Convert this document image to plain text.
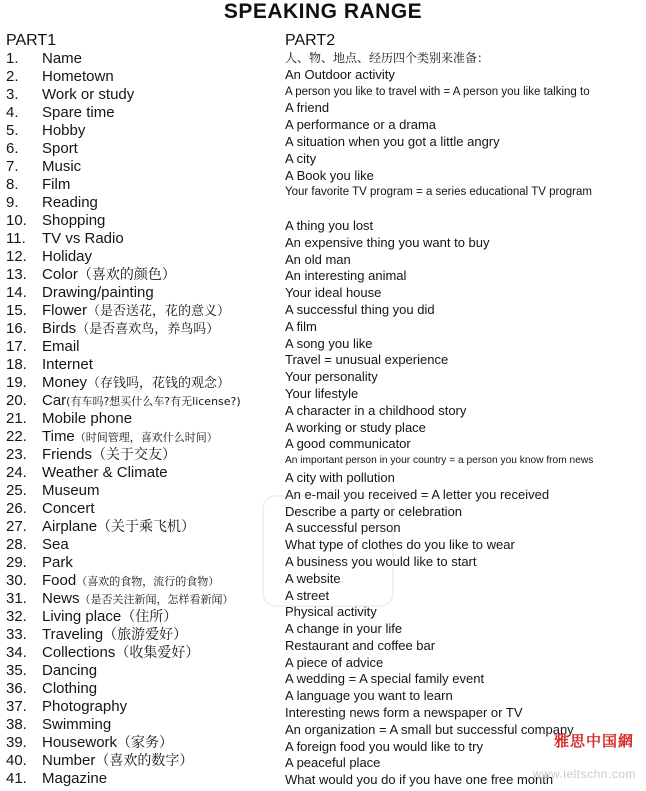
SPEAKING RANGE
PART1
1.	Name
2.	Hometown
3.	Work or study
4.	Spare time
5.	Hobby
6.	Sport
7.	Music
8.	Film
9.	Reading
10.	Shopping
11.	TV vs Radio
12.	Holiday
13.	Color（喜欢的颜色）
14.	Drawing/painting
15.	Flower（是否送花，花的意义）
16.	Birds（是否喜欢鸟，养鸟吗）
17.	Email
18.	Internet
19.	Money（存钱吗，花钱的观念）
20.	Car(有车吗?想买什么车?有无license?)
21.	Mobile phone
22.	Time（时间管理，喜欢什么时间）
23.	Friends（关于交友）
24.	Weather & Climate
25.	Museum
26.	Concert
27.	Airplane（关于乘飞机）
28.	Sea
29.	Park
30.	Food（喜欢的食物，流行的食物）
31.	News（是否关注新闻，怎样看新闻）
32.	Living place（住所）
33.	Traveling（旅游爱好）
34.	Collections（收集爱好）
35.	Dancing
36.	Clothing
37.	Photography
38.	Swimming
39.	Housework（家务）
40.	Number（喜欢的数字）
41.	Magazine
PART2
人、物、地点、经历四个类别来准备：
An Outdoor activity
A person you like to travel with = A person you like talking to
A friend
A performance or a drama
A situation when you got a little angry
A city
A Book you like
Your favorite TV program = a series educational TV program
A thing you lost
An expensive thing you want to buy
An old man
An interesting animal
Your ideal house
A successful thing you did
A film
A song you like
Travel = unusual experience
Your personality
Your lifestyle
A character in a childhood story
A working or study place
A good communicator
An important person in your country = a person you know from news
A city with pollution
An e-mail you received = A letter you received
Describe a party or celebration
A successful person
What type of clothes do you like to wear
A business you would like to start
A website
A street
Physical activity
A change in your life
Restaurant and coffee bar
A piece of advice
A wedding = A special family event
A language you want to learn
Interesting news form a newspaper or TV
An organization = A small but successful company
A foreign food you would like to try
A peaceful place
What would you do if you have one free month
雅思中国網
www.ieltschn.com
